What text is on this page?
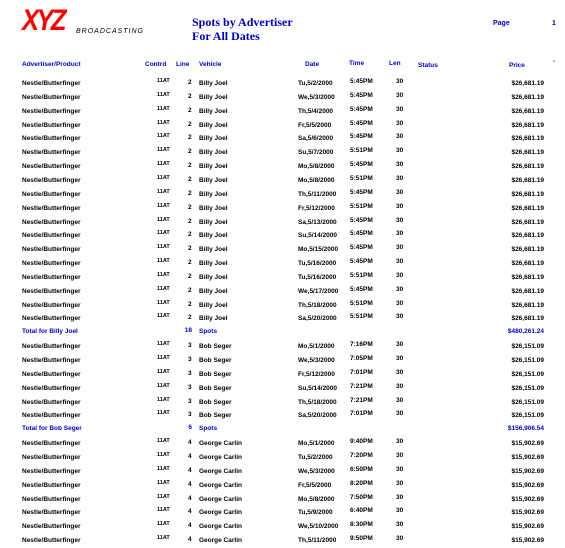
XYZ BROADCASTING
Spots by Advertiser
For All Dates
Page	1
Advertiser/Product	Contrd Line Vehicle	Date	Time	Len	Status	Price
-
Nestle/Butterfinger	11AT	2 Billy Joel	Tu,5/2/2000	5:45PM	30	$26,681.19
Nestle/Butterfinger	11AT	2 Billy Joel	We,5/3/2000 5:45PM	30	$26,681.19
Nestle/Butterfinger	11AT	2 Billy Joel	Th,5/4/2000	5:45PM	30	$26,681.19
Nestle/Butterfinger	11AT	2 Billy Joel	Fr,5/5/2000	5:45PM	30	$26,681.19
Nestle/Butterfinger	11AT	2 Billy Joel	Sa,5/6/2000	5:45PM	30	$26,681.19
Nestle/Butterfinger	11AT	2 Billy Joel	Su,5/7/2000	5:51PM	30	$26,681.19
Nestle/Butterfinger	11AT	2 Billy Joel	Mo,5/8/2000 5:45PM	30	$26,681.19
Nestle/Butterfinger	11AT	2 Billy Joel	Mo,5/8/2000 5:51PM	30	$26,681.19
Nestle/Butterfinger	11AT	2 Billy Joel	Th,5/11/2000 5:45PM	30	$26,681.19
Nestle/Butterfinger	11AT	2 Billy Joel	Fr,5/12/2000 5:51PM	30	$26,681.19
Nestle/Butterfinger	11AT	2 Billy Joel	Sa,5/13/2000 5:45PM	30	$26,681.19
Nestle/Butterfinger	11AT	2 Billy Joel	Su,5/14/2000 5:45PM	30	$26,681.19
Nestle/Butterfinger	11AT	2 Billy Joel	Mo,5/15/2000 5:45PM	30	$26,681.19
Nestle/Butterfinger	11AT	2 Billy Joel	Tu,5/16/2000 5:45PM	30	$26,681.19
Nestle/Butterfinger	11AT	2 Billy Joel	Tu,5/16/2000 5:51PM	30	$26,681.19
Nestle/Butterfinger	11AT	2 Billy Joel	We,5/17/2000 5:45PM	30	$26,681.19
Nestle/Butterfinger	11AT	2 Billy Joel	Th,5/18/2000 5:51PM	30	$26,681.19
Nestle/Butterfinger	11AT	2 Billy Joel	Sa,5/20/2000 5:51PM	30	$26,681.19
Total for Billy Joel	18 Spots	$480,261.24
Nestle/Butterfinger	11AT	3 Bob Seger	Mo,5/1/2000 7:16PM	30	$26,151.09
Nestle/Butterfinger	11AT	3 Bob Seger	We,5/3/2000 7:05PM	30	$26,151.09
Nestle/Butterfinger	11AT	3 Bob Seger	Fr,5/12/2000 7:01PM	30	$26,151.09
Nestle/Butterfinger	11AT	3 Bob Seger	Su,5/14/2000 7:21PM	30	$26,151.09
Nestle/Butterfinger	11AT	3 Bob Seger	Th,5/18/2000 7:21PM	30	$26,151.09
Nestle/Butterfinger	11AT	3 Bob Seger	Sa,5/20/2000 7:01PM	30	$26,151.09
Total for Bob Seger	6 Spots	$156,906.54
Nestle/Butterfinger	11AT	4 George Carlin	Mo,5/1/2000 9:40PM	30	$15,902.69
Nestle/Butterfinger	11AT	4 George Carlin	Tu,5/2/2000	7:20PM	30	$15,902.69
Nestle/Butterfinger	11AT	4 George Carlin	We,5/3/2000 6:50PM	30	$15,902.69
Nestle/Butterfinger	11AT	4 George Carlin	Fr,5/5/2000	8:20PM	30	$15,902.69
Nestle/Butterfinger	11AT	4 George Carlin	Mo,5/8/2000 7:50PM	30	$15,902.69
Nestle/Butterfinger	11AT	4 George Carlin	Tu,5/9/2000	6:40PM	30	$15,902.69
Nestle/Butterfinger	11AT	4 George Carlin	We,5/10/2000 8:30PM	30	$15,902.69
Nestle/Butterfinger	11AT	4 George Carlin	Th,5/11/2000 9:50PM	30	$15,902.69
